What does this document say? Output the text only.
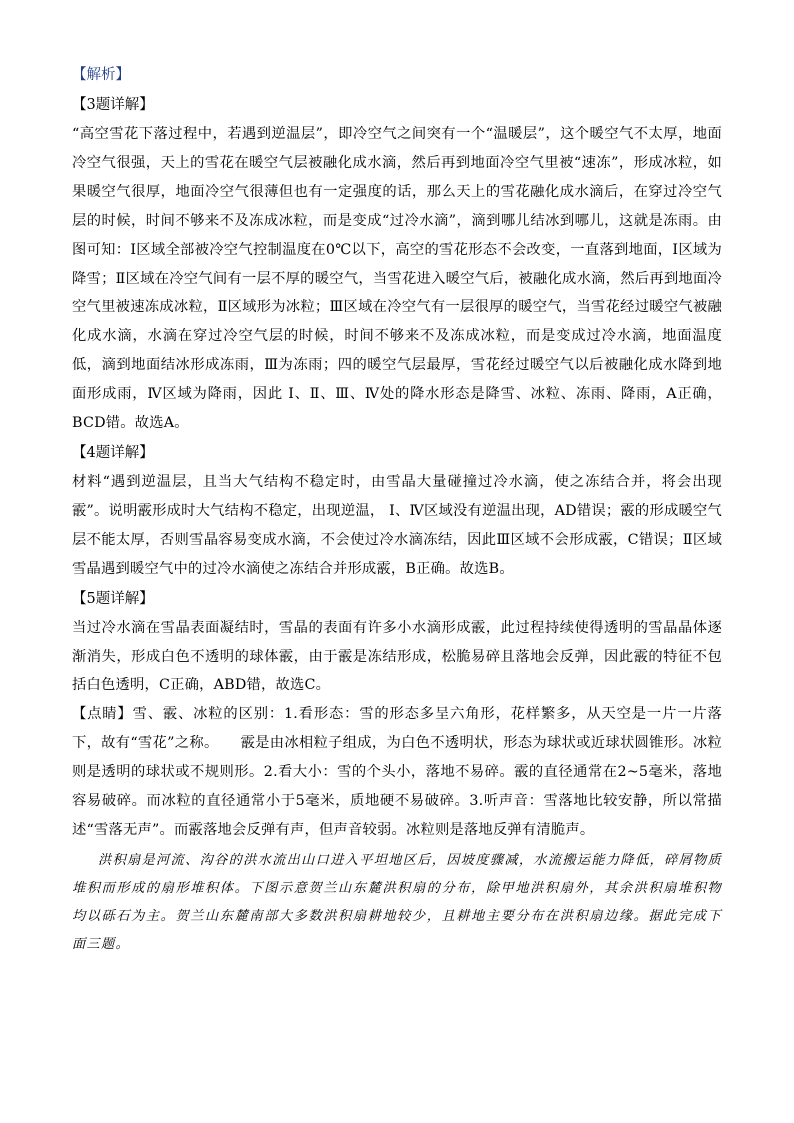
【解析】
【3题详解】

“高空雪花下落过程中，若遇到逆温层”，即冷空气之间突有一个“温暖层”，这个暖空气不太厚，地面冷空气很强，天上的雪花在暖空气层被融化成水滴，然后再到地面冷空气里被“速冻”，形成冰粒，如果暖空气很厚，地面冷空气很薄但也有一定强度的话，那么天上的雪花融化成水滴后，在穿过冷空气层的时候，时间不够来不及冻成冰粒，而是变成“过冷水滴”，滴到哪儿结冰到哪儿，这就是冻雨。由图可知：I区域全部被冷空气控制温度在0℃以下，高空的雪花形态不会改变，一直落到地面，I区域为降雪；Ⅱ区域在冷空气间有一层不厚的暖空气，当雪花进入暖空气后，被融化成水滴，然后再到地面冷空气里被速冻成冰粒，Ⅱ区域形为冰粒；Ⅲ区域在冷空气有一层很厚的暖空气，当雪花经过暖空气被融化成水滴，水滴在穿过冷空气层的时候，时间不够来不及冻成冰粒，而是变成过冷水滴，地面温度低，滴到地面结冰形成冻雨，Ⅲ为冻雨；四的暖空气层最厚，雪花经过暖空气以后被融化成水降到地面形成雨，Ⅳ区域为降雨，因此 Ⅰ、Ⅱ、Ⅲ、Ⅳ处的降水形态是降雪、冰粒、冻雨、降雨，A正确，BCD错。故选A。

【4题详解】

材料“遇到逆温层，且当大气结构不稳定时，由雪晶大量碰撞过冷水滴，使之冻结合并，将会出现霰”。说明霰形成时大气结构不稳定，出现逆温， Ⅰ、Ⅳ区域没有逆温出现，AD错误；霰的形成暖空气层不能太厚，否则雪晶容易变成水滴，不会使过冷水滴冻结，因此Ⅲ区域不会形成霰，C错误；Ⅱ区域雪晶遇到暖空气中的过冷水滴使之冻结合并形成霰，B正确。故选B。

【5题详解】

当过冷水滴在雪晶表面凝结时，雪晶的表面有许多小水滴形成霰，此过程持续使得透明的雪晶晶体逐渐消失，形成白色不透明的球体霰，由于霰是冻结形成，松脆易碎且落地会反弹，因此霰的特征不包括白色透明，C正确，ABD错，故选C。

【点睛】雪、霰、冰粒的区别：1.看形态：雪的形态多呈六角形，花样繁多，从天空是一片一片落下，故有“雪花”之称。　　霰是由冰相粒子组成，为白色不透明状，形态为球状或近球状圆锥形。冰粒则是透明的球状或不规则形。2.看大小：雪的个头小，落地不易碎。霰的直径通常在2~5毫米，落地容易破碎。而冰粒的直径通常小于5毫米，质地硬不易破碎。3.听声音：雪落地比较安静，所以常描述“雪落无声”。而霰落地会反弹有声，但声音较弱。冰粒则是落地反弹有清脆声。

洪积扇是河流、沟谷的洪水流出山口进入平坦地区后，因坡度骤减，水流搬运能力降低，碎屑物质堆积而形成的扇形堆积体。下图示意贺兰山东麓洪积扇的分布，除甲地洪积扇外，其余洪积扇堆积物均以砾石为主。贺兰山东麓南部大多数洪积扇耕地较少，且耕地主要分布在洪积扇边缘。据此完成下面三题。
